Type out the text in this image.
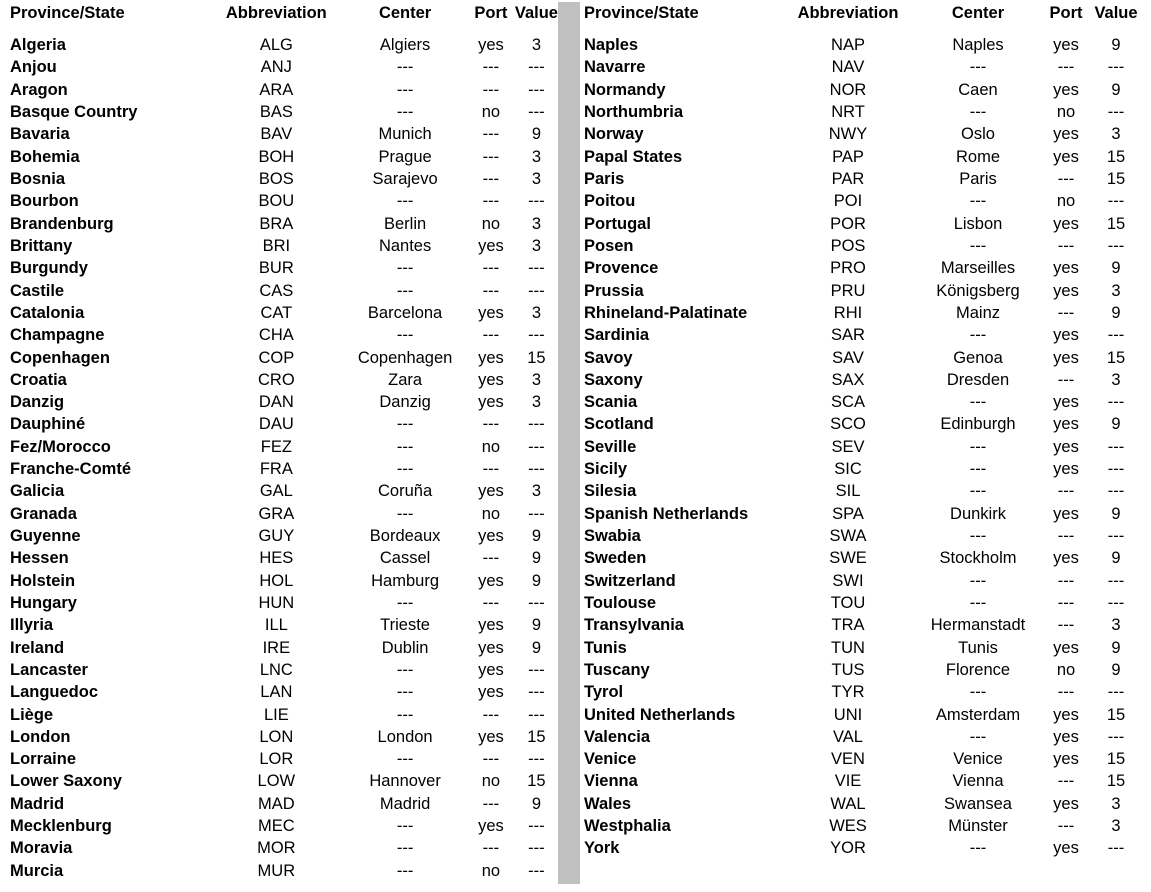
Province/State	Abbreviation	Center	Port	Value

Algeria	ALG	Algiers	yes	3
Anjou	ANJ	---	---	---
Aragon	ARA	---	---	---
Basque Country	BAS	---	no	---
Bavaria	BAV	Munich	---	9
Bohemia	BOH	Prague	---	3
Bosnia	BOS	Sarajevo	---	3
Bourbon	BOU	---	---	---
Brandenburg	BRA	Berlin	no	3
Brittany	BRI	Nantes	yes	3
Burgundy	BUR	---	---	---
Castile	CAS	---	---	---
Catalonia	CAT	Barcelona	yes	3
Champagne	CHA	---	---	---
Copenhagen	COP	Copenhagen	yes	15
Croatia	CRO	Zara	yes	3
Danzig	DAN	Danzig	yes	3
Dauphiné	DAU	---	---	---
Fez/Morocco	FEZ	---	no	---
Franche-Comté	FRA	---	---	---
Galicia	GAL	Coruña	yes	3
Granada	GRA	---	no	---
Guyenne	GUY	Bordeaux	yes	9
Hessen	HES	Cassel	---	9
Holstein	HOL	Hamburg	yes	9
Hungary	HUN	---	---	---
Illyria	ILL	Trieste	yes	9
Ireland	IRE	Dublin	yes	9
Lancaster	LNC	---	yes	---
Languedoc	LAN	---	yes	---
Liège	LIE	---	---	---
London	LON	London	yes	15
Lorraine	LOR	---	---	---
Lower Saxony	LOW	Hannover	no	15
Madrid	MAD	Madrid	---	9
Mecklenburg	MEC	---	yes	---
Moravia	MOR	---	---	---
Murcia	MUR	---	no	---
Province/State	Abbreviation	Center	Port	Value

Naples	NAP	Naples	yes	9
Navarre	NAV	---	---	---
Normandy	NOR	Caen	yes	9
Northumbria	NRT	---	no	---
Norway	NWY	Oslo	yes	3
Papal States	PAP	Rome	yes	15
Paris	PAR	Paris	---	15
Poitou	POI	---	no	---
Portugal	POR	Lisbon	yes	15
Posen	POS	---	---	---
Provence	PRO	Marseilles	yes	9
Prussia	PRU	Königsberg	yes	3
Rhineland-Palatinate	RHI	Mainz	---	9
Sardinia	SAR	---	yes	---
Savoy	SAV	Genoa	yes	15
Saxony	SAX	Dresden	---	3
Scania	SCA	---	yes	---
Scotland	SCO	Edinburgh	yes	9
Seville	SEV	---	yes	---
Sicily	SIC	---	yes	---
Silesia	SIL	---	---	---
Spanish Netherlands	SPA	Dunkirk	yes	9
Swabia	SWA	---	---	---
Sweden	SWE	Stockholm	yes	9
Switzerland	SWI	---	---	---
Toulouse	TOU	---	---	---
Transylvania	TRA	Hermanstadt	---	3
Tunis	TUN	Tunis	yes	9
Tuscany	TUS	Florence	no	9
Tyrol	TYR	---	---	---
United Netherlands	UNI	Amsterdam	yes	15
Valencia	VAL	---	yes	---
Venice	VEN	Venice	yes	15
Vienna	VIE	Vienna	---	15
Wales	WAL	Swansea	yes	3
Westphalia	WES	Münster	---	3
York	YOR	---	yes	---
